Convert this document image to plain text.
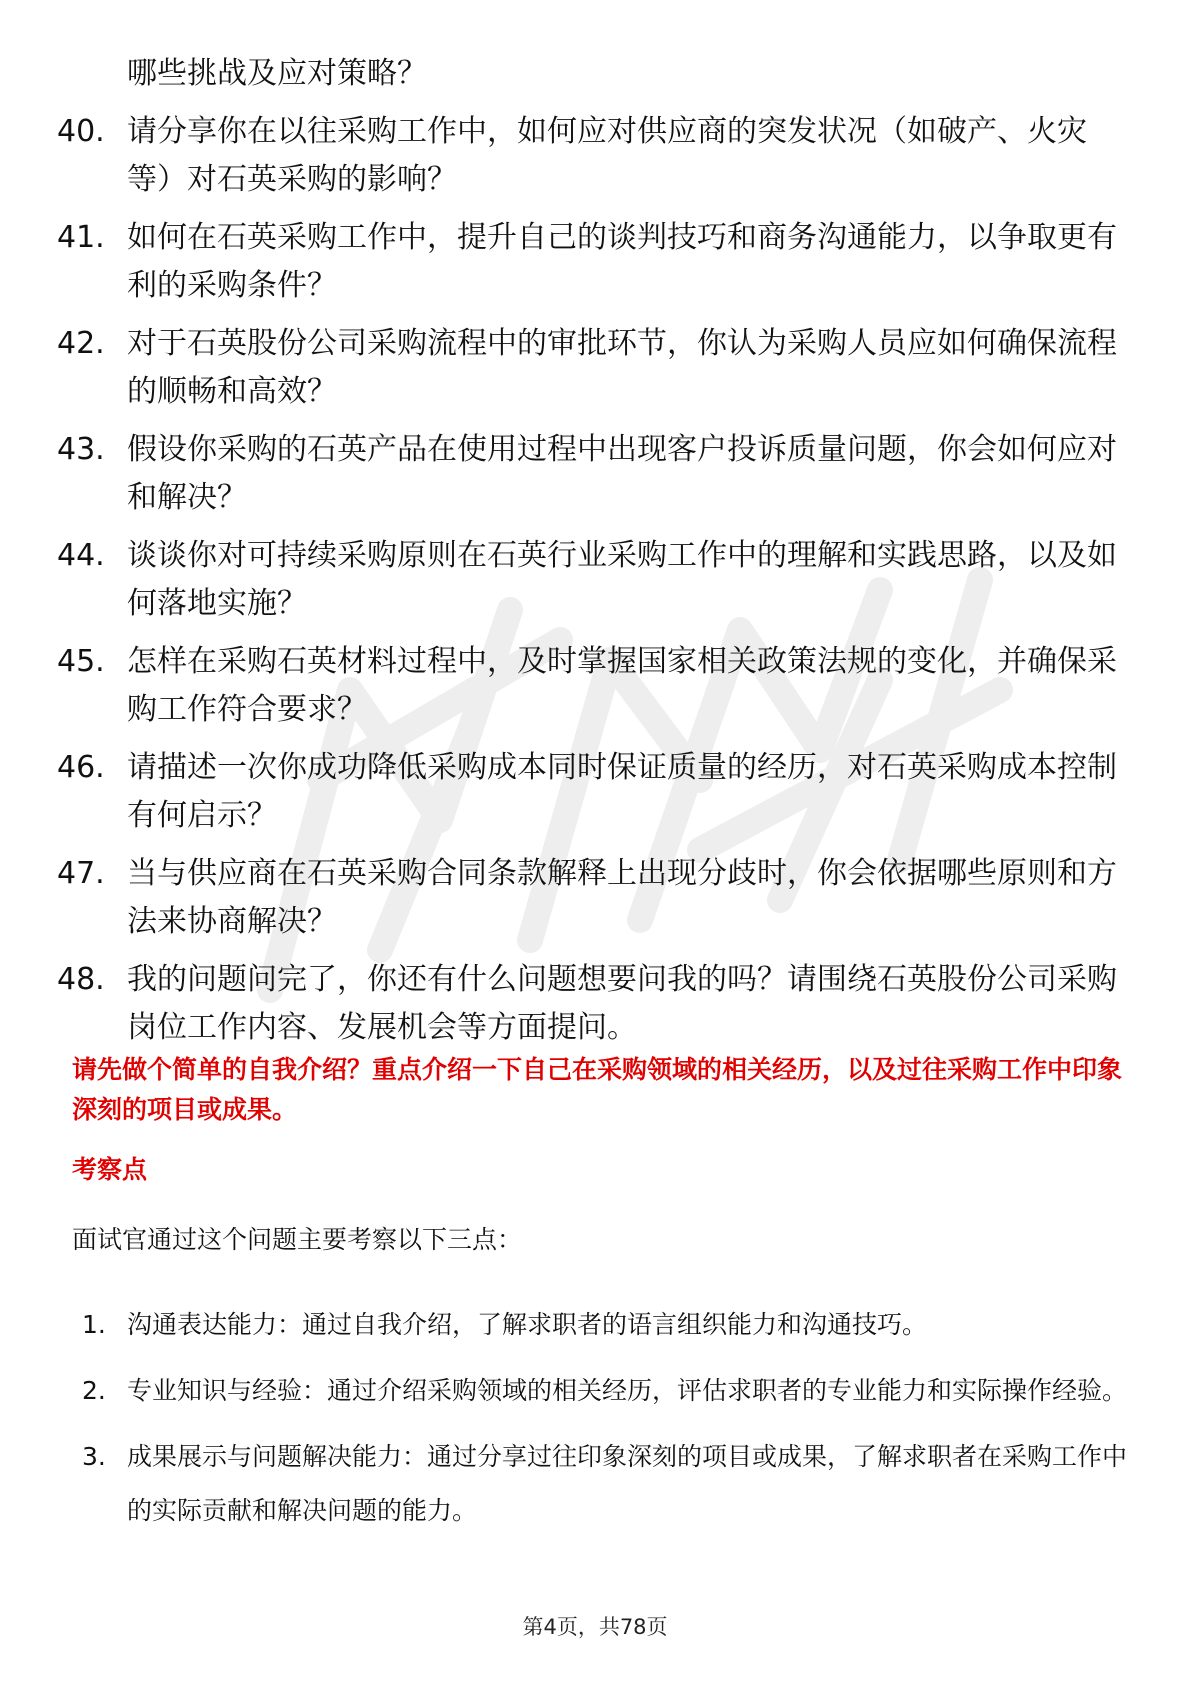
哪些挑战及应对策略？
40. 请分享你在以往采购工作中，如何应对供应商的突发状况（如破产、火灾等）对石英采购的影响？
41. 如何在石英采购工作中，提升自己的谈判技巧和商务沟通能力，以争取更有利的采购条件？
42. 对于石英股份公司采购流程中的审批环节，你认为采购人员应如何确保流程的顺畅和高效？
43. 假设你采购的石英产品在使用过程中出现客户投诉质量问题，你会如何应对和解决？
44. 谈谈你对可持续采购原则在石英行业采购工作中的理解和实践思路，以及如何落地实施？
45. 怎样在采购石英材料过程中，及时掌握国家相关政策法规的变化，并确保采购工作符合要求？
46. 请描述一次你成功降低采购成本同时保证质量的经历，对石英采购成本控制有何启示？
47. 当与供应商在石英采购合同条款解释上出现分歧时，你会依据哪些原则和方法来协商解决？
48. 我的问题问完了，你还有什么问题想要问我的吗？请围绕石英股份公司采购岗位工作内容、发展机会等方面提问。
请先做个简单的自我介绍？重点介绍一下自己在采购领域的相关经历，以及过往采购工作中印象深刻的项目或成果。
考察点
面试官通过这个问题主要考察以下三点：
1. 沟通表达能力：通过自我介绍，了解求职者的语言组织能力和沟通技巧。
2. 专业知识与经验：通过介绍采购领域的相关经历，评估求职者的专业能力和实际操作经验。
3. 成果展示与问题解决能力：通过分享过往印象深刻的项目或成果，了解求职者在采购工作中的实际贡献和解决问题的能力。
第4页，共78页
